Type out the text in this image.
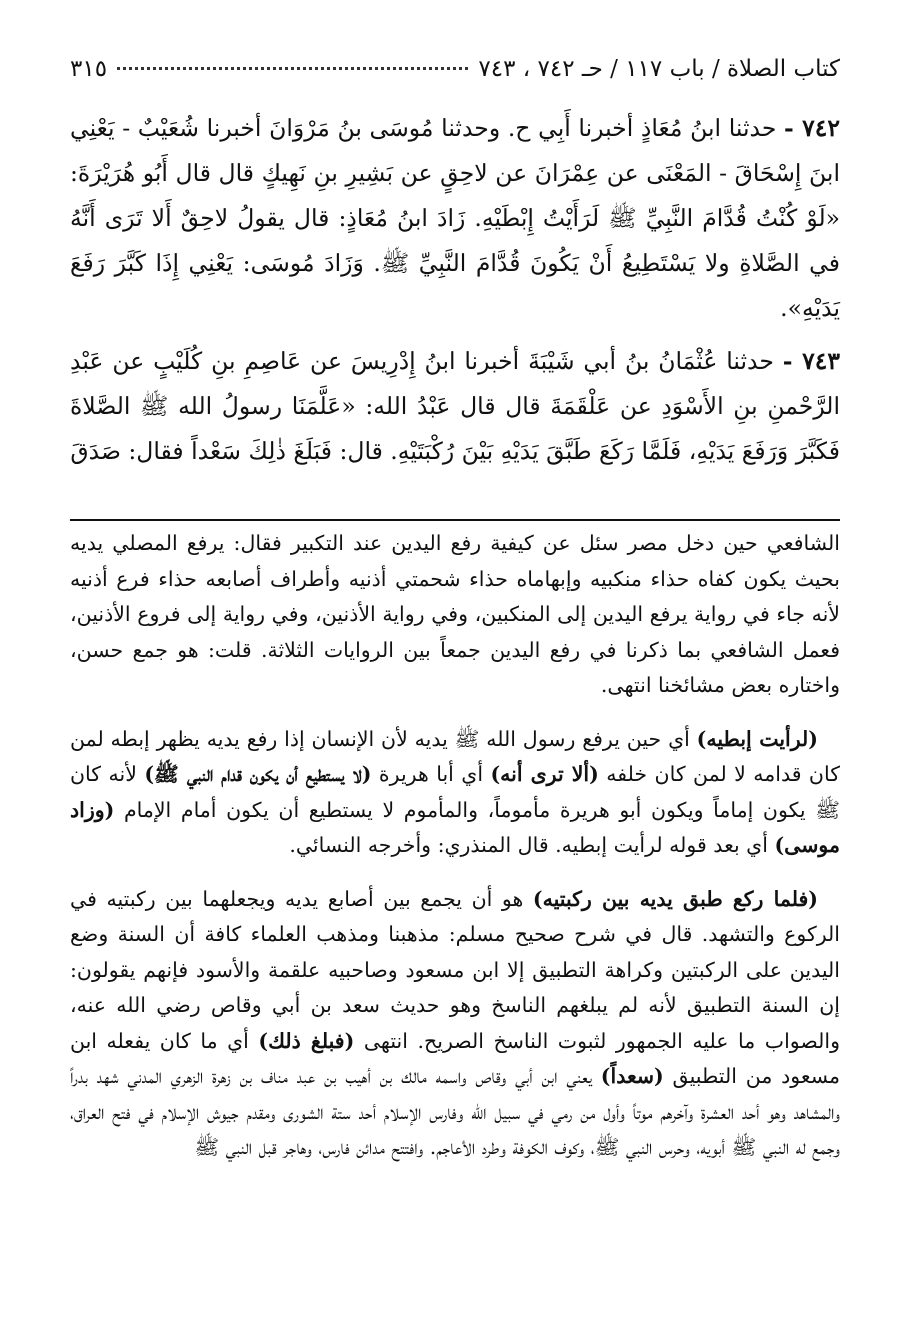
كتاب الصلاة / باب ١١٧ / حـ ٧٤٢ ، ٧٤٣
٣١٥

٧٤٢ - حدثنا ابنُ مُعَاذٍ أخبرنا أَبِي ح. وحدثنا مُوسَى بنُ مَرْوَانَ أخبرنا شُعَيْبٌ - يَعْنِي ابنَ إِسْحَاقَ - المَعْنَى عن عِمْرَانَ عن لاحِقٍ عن بَشِيرِ بنِ نَهِيكٍ قال قال أَبُو هُرَيْرَةَ: «لَوْ كُنْتُ قُدَّامَ النَّبِيِّ ﷺ لَرَأَيْتُ إِبْطَيْهِ. زَادَ ابنُ مُعَاذٍ: قال يقولُ لاحِقٌ أَلا تَرَى أَنَّهُ في الصَّلاةِ ولا يَسْتَطِيعُ أَنْ يَكُونَ قُدَّامَ النَّبِيِّ ﷺ. وَزَادَ مُوسَى: يَعْنِي إِذَا كَبَّرَ رَفَعَ يَدَيْهِ».

٧٤٣ - حدثنا عُثْمَانُ بنُ أبي شَيْبَةَ أخبرنا ابنُ إِدْرِيسَ عن عَاصِمِ بنِ كُلَيْبٍ عن عَبْدِ الرَّحْمنِ بنِ الأَسْوَدِ عن عَلْقَمَةَ قال قال عَبْدُ الله: «عَلَّمَنَا رسولُ الله ﷺ الصَّلاةَ فَكَبَّرَ وَرَفَعَ يَدَيْهِ، فَلَمَّا رَكَعَ طَبَّقَ يَدَيْهِ بَيْنَ رُكْبَتَيْهِ. قال: فَبَلَغَ ذٰلِكَ سَعْداً فقال: صَدَقَ

الشافعي حين دخل مصر سئل عن كيفية رفع اليدين عند التكبير فقال: يرفع المصلي يديه بحيث يكون كفاه حذاء منكبيه وإبهاماه حذاء شحمتي أذنيه وأطراف أصابعه حذاء فرع أذنيه لأنه جاء في رواية يرفع اليدين إلى المنكبين، وفي رواية الأذنين، وفي رواية إلى فروع الأذنين، فعمل الشافعي بما ذكرنا في رفع اليدين جمعاً بين الروايات الثلاثة. قلت: هو جمع حسن، واختاره بعض مشائخنا انتهى.

(لرأيت إبطيه) أي حين يرفع رسول الله ﷺ يديه لأن الإنسان إذا رفع يديه يظهر إبطه لمن كان قدامه لا لمن كان خلفه (ألا ترى أنه) أي أبا هريرة (لا يستطيع أن يكون قدام النبي ﷺ) لأنه كان ﷺ يكون إماماً ويكون أبو هريرة مأموماً، والمأموم لا يستطيع أن يكون أمام الإمام (وزاد موسى) أي بعد قوله لرأيت إبطيه. قال المنذري: وأخرجه النسائي.

(فلما ركع طبق يديه بين ركبتيه) هو أن يجمع بين أصابع يديه ويجعلهما بين ركبتيه في الركوع والتشهد. قال في شرح صحيح مسلم: مذهبنا ومذهب العلماء كافة أن السنة وضع اليدين على الركبتين وكراهة التطبيق إلا ابن مسعود وصاحبيه علقمة والأسود فإنهم يقولون: إن السنة التطبيق لأنه لم يبلغهم الناسخ وهو حديث سعد بن أبي وقاص رضي الله عنه، والصواب ما عليه الجمهور لثبوت الناسخ الصريح. انتهى (فبلغ ذلك) أي ما كان يفعله ابن مسعود من التطبيق (سعداً) يعني ابن أبي وقاص واسمه مالك بن أهيب بن عبد مناف بن زهرة الزهري المدني شهد بدراً والمشاهد وهو أحد العشرة وآخرهم موتاً وأول من رمي في سبيل الله وفارس الإسلام أحد ستة الشورى ومقدم جيوش الإسلام في فتح العراق، وجمع له النبي ﷺ أبويه، وحرس النبي ﷺ، وكوف الكوفة وطرد الأعاجم. وافتتح مدائن فارس، وهاجر قبل النبي ﷺ
